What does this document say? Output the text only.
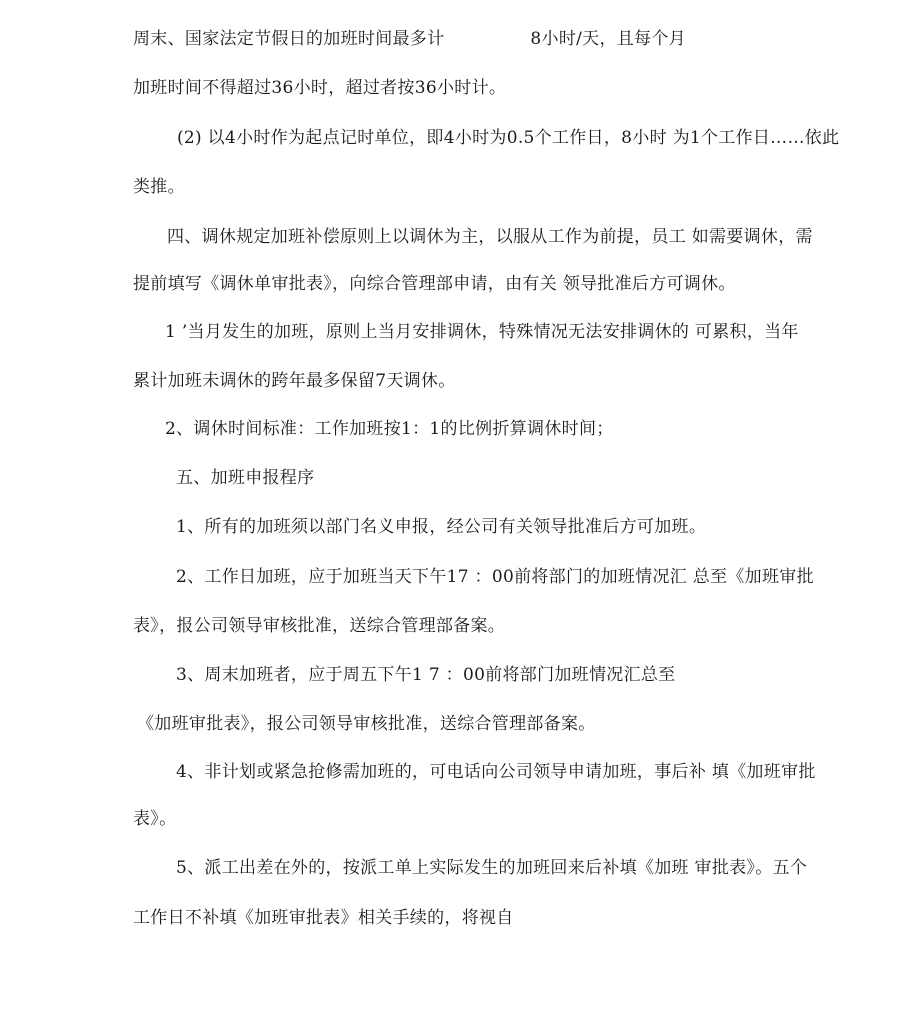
周末、国家法定节假日的加班时间最多计	8小时/天，且每个月
加班时间不得超过36小时，超过者按36小时计。
(2) 以4小时作为起点记时单位，即4小时为0.5个工作日，8小时 为1个工作日……依此
类推。
四、调休规定加班补偿原则上以调休为主，以服从工作为前提，员工 如需要调休，需
提前填写《调休单审批表》，向综合管理部申请，由有关 领导批准后方可调休。
1 ’当月发生的加班，原则上当月安排调休，特殊情况无法安排调休的 可累积，当年
累计加班未调休的跨年最多保留7天调休。
2、调休时间标准：工作加班按1：1的比例折算调休时间；
五、加班申报程序
1、所有的加班须以部门名义申报，经公司有关领导批准后方可加班。
2、工作日加班，应于加班当天下午17 ：00前将部门的加班情况汇 总至《加班审批
表》，报公司领导审核批准，送综合管理部备案。
3、周末加班者，应于周五下午1 7 ：00前将部门加班情况汇总至
《加班审批表》，报公司领导审核批准，送综合管理部备案。
4、非计划或紧急抢修需加班的，可电话向公司领导申请加班，事后补 填《加班审批
表》。
5、派工出差在外的，按派工单上实际发生的加班回来后补填《加班 审批表》。五个
工作日不补填《加班审批表》相关手续的，将视自
